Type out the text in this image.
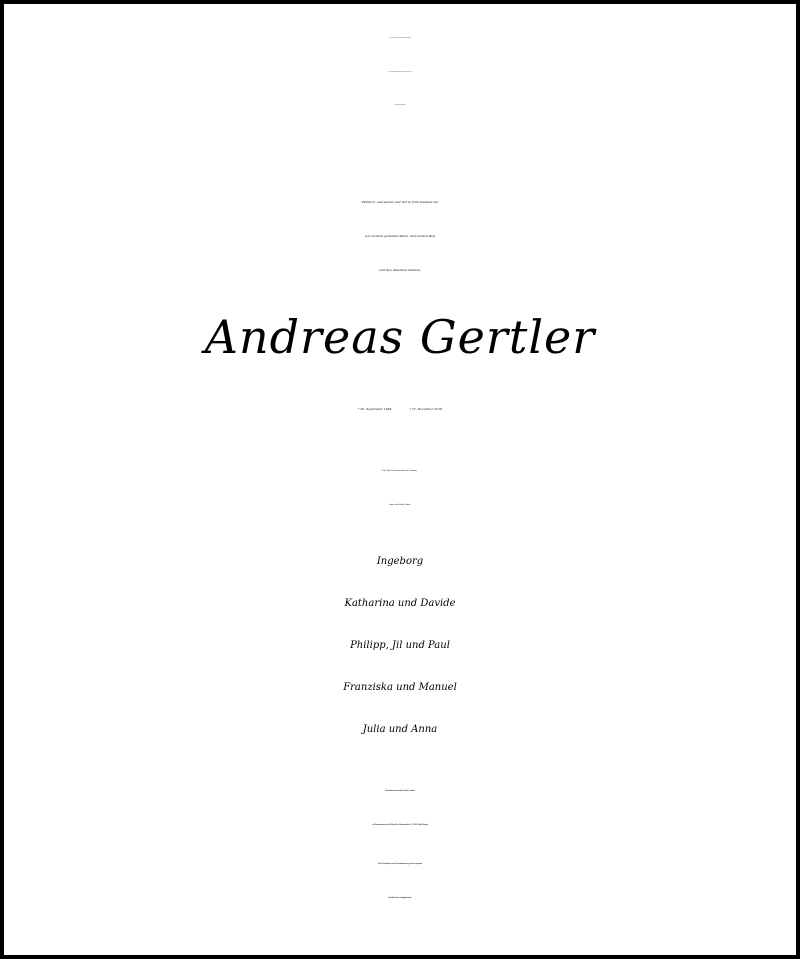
Und wenn du dich getröstet hast, wirst du froh sein, mich gekannt zu
haben. Du wirst immer mein Freund sein. Du wirst dich daran erinnern,
wie gerne du mit mir gelacht hast.
Plötzlich, unerwartet und viel zu früh mussten wir
von meinem geliebten Mann, dem besten Papi
und Opa Abschied nehmen.
Andreas Gertler
* 20. September 1948	† 27. November 2018
Der Tod ist Grenzstein des Lebens,
aber nicht der Liebe.
Ingeborg
Katharina und Davide
Philipp, Jil und Paul
Franziska und Manuel
Julia und Anna
Kondolenzanschrift: Familie Gertler
c/o Bestattungshaus Müller, Kucksteinstraße 46, 53604 Bad Honnef
Die Trauerfeier und Urnenbeisetzung hat im engsten
Familienkreis stattgefunden.
